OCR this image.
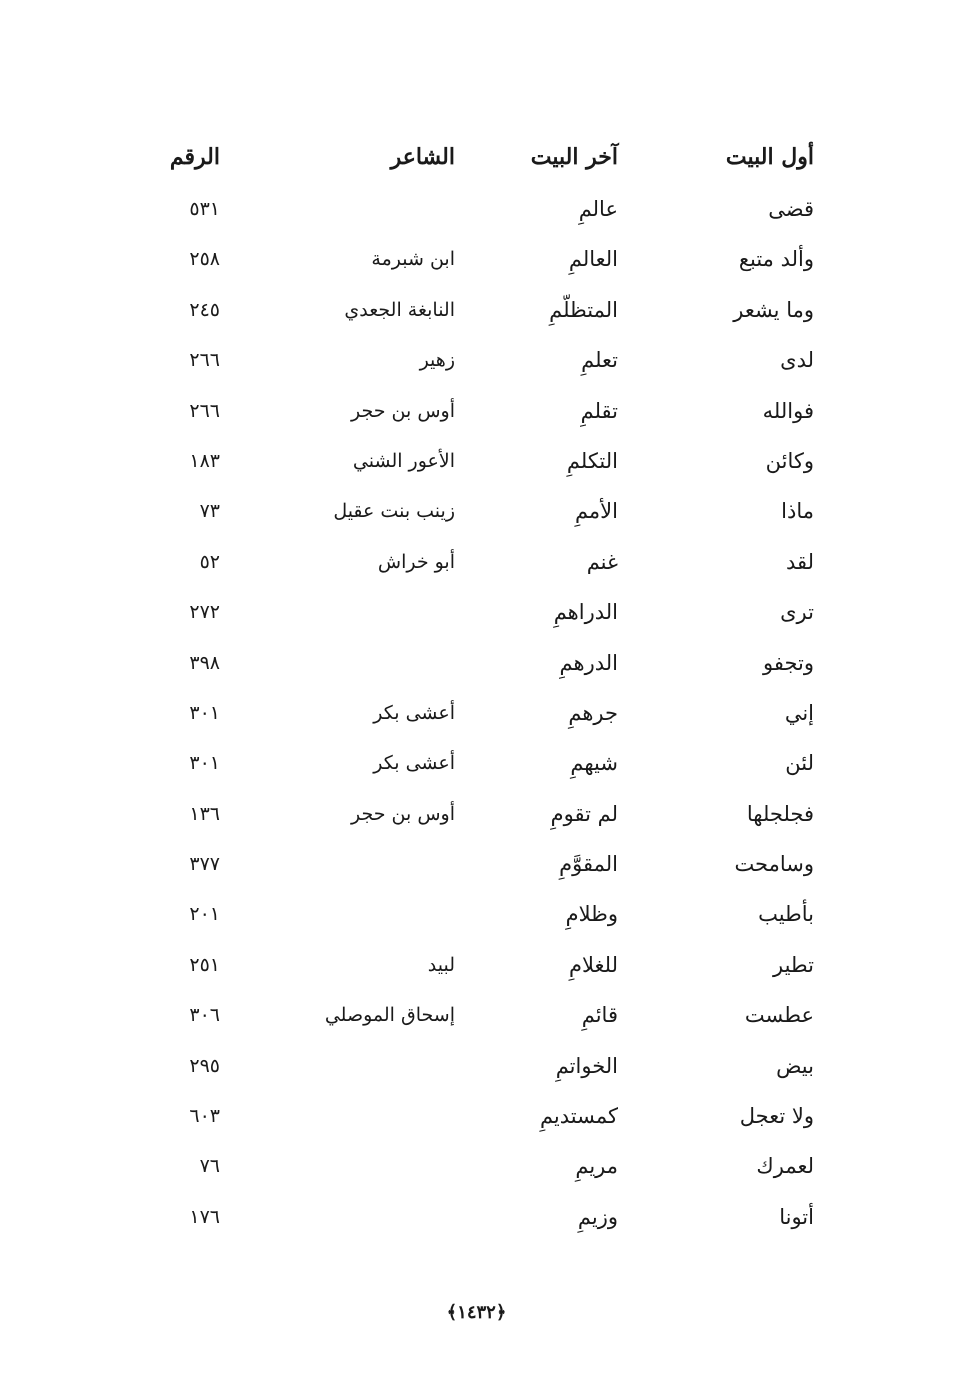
أول البيت
آخر البيت
الشاعر
الرقم
قضى
عالمِ
٥٣١
وألد متبع
العالمِ
ابن شبرمة
٢٥٨
وما يشعر
المتظلّمِ
النابغة الجعدي
٢٤٥
لدى
تعلمِ
زهير
٢٦٦
فوالله
تقلمِ
أوس بن حجر
٢٦٦
وكائن
التكلمِ
الأعور الشني
١٨٣
ماذا
الأممِ
زينب بنت عقيل
٧٣
لقد
غنم
أبو خراش
٥٢
ترى
الدراهمِ
٢٧٢
وتجفو
الدرهمِ
٣٩٨
إني
جرهمِ
أعشى بكر
٣٠١
لئن
شيهمِ
أعشى بكر
٣٠١
فجلجلها
لم تقومِ
أوس بن حجر
١٣٦
وسامحت
المقوَّمِ
٣٧٧
بأطيب
وظلامِ
٢٠١
تطير
للغلامِ
لبيد
٢٥١
عطست
قائمِ
إسحاق الموصلي
٣٠٦
بيض
الخواتمِ
٢٩٥
ولا تعجل
كمستديمِ
٦٠٣
لعمرك
مريمِ
٧٦
أتونا
وزيمِ
١٧٦
﴿١٤٣٢﴾
